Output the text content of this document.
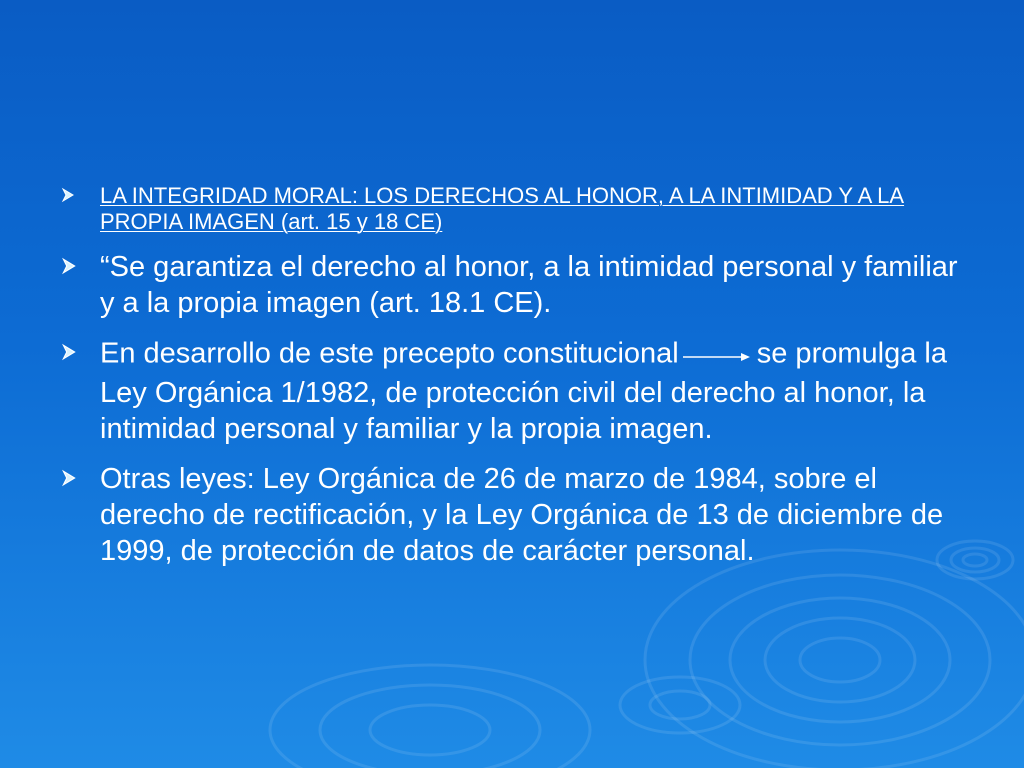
LA INTEGRIDAD MORAL: LOS DERECHOS AL HONOR, A LA INTIMIDAD Y A LA PROPIA IMAGEN (art. 15 y 18 CE)
“Se garantiza el derecho al honor, a la intimidad personal y familiar y a la propia imagen (art. 18.1 CE).
En desarrollo de este precepto constitucional	se promulga la Ley Orgánica 1/1982, de protección civil del derecho al honor, la intimidad personal y familiar y la propia imagen.
Otras leyes: Ley Orgánica de 26 de marzo de 1984, sobre el derecho de rectificación, y la Ley Orgánica de 13 de diciembre de 1999, de protección de datos de carácter personal.
